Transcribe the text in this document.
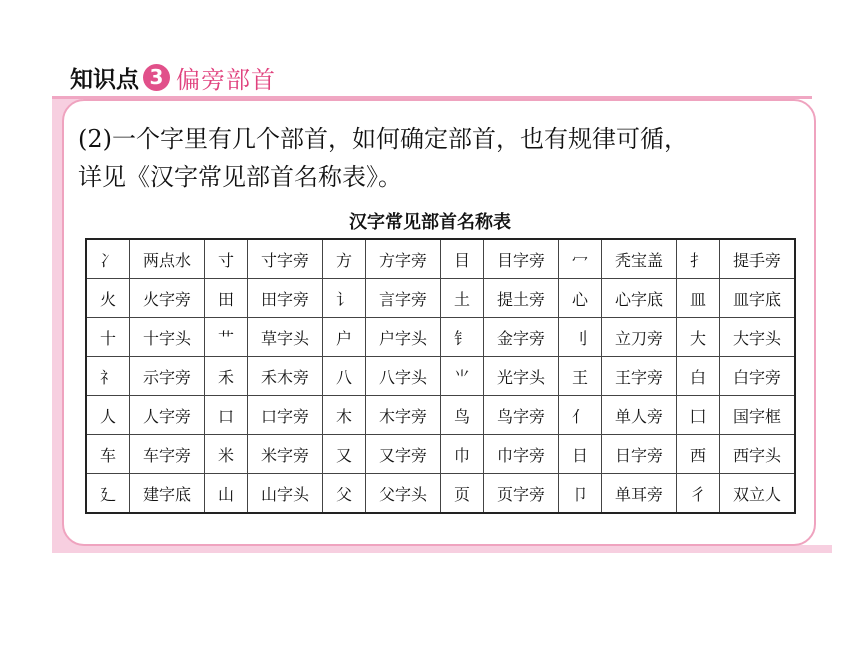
知识点 3 偏旁部首
(2)一个字里有几个部首，如何确定部首，也有规律可循，
详见《汉字常见部首名称表》。
汉字常见部首名称表
冫	两点水	寸	寸字旁	方	方字旁	目	目字旁	冖	秃宝盖	扌	提手旁
火	火字旁	田	田字旁	讠	言字旁	土	提土旁	心	心字底	皿	皿字底
十	十字头	艹	草字头	户	户字头	钅	金字旁	刂	立刀旁	大	大字头
礻	示字旁	禾	禾木旁	八	八字头	⺌	光字头	王	王字旁	白	白字旁
人	人字旁	口	口字旁	木	木字旁	鸟	鸟字旁	亻	单人旁	囗	国字框
车	车字旁	米	米字旁	又	又字旁	巾	巾字旁	日	日字旁	西	西字头
廴	建字底	山	山字头	父	父字头	页	页字旁	卩	单耳旁	彳	双立人
